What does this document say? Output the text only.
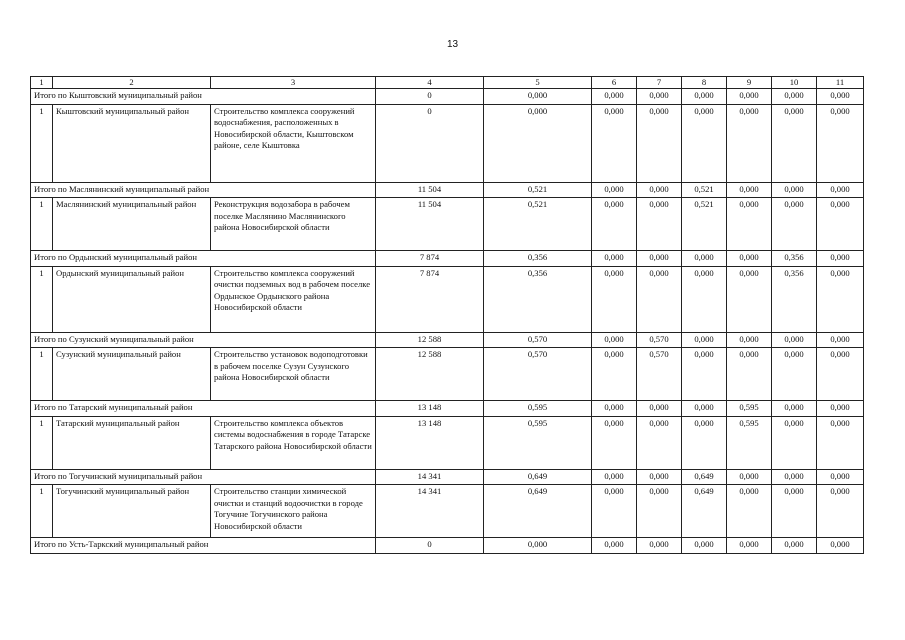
13
1	2	3	4	5	6	7	8	9	10	11
Итого по Кыштовский муниципальный район			0	0,000	0,000	0,000	0,000	0,000	0,000	0,000
1	Кыштовский муниципальный район	Строительство комплекса сооружений водоснабжения, расположенных в Новосибирской области, Кыштовском районе, селе Кыштовка	0	0,000	0,000	0,000	0,000	0,000	0,000	0,000
Итого по Маслянинский муниципальный район			11 504	0,521	0,000	0,000	0,521	0,000	0,000	0,000
1	Маслянинский муниципальный район	Реконструкция водозабора в рабочем поселке Маслянино Маслянинского района Новосибирской области	11 504	0,521	0,000	0,000	0,521	0,000	0,000	0,000
Итого по Ордынский муниципальный район			7 874	0,356	0,000	0,000	0,000	0,000	0,356	0,000
1	Ордынский муниципальный район	Строительство комплекса сооружений очистки подземных вод в рабочем поселке Ордынское Ордынского района Новосибирской области	7 874	0,356	0,000	0,000	0,000	0,000	0,356	0,000
Итого по Сузунский муниципальный район			12 588	0,570	0,000	0,570	0,000	0,000	0,000	0,000
1	Сузунский муниципальный район	Строительство установок водоподготовки в рабочем поселке Сузун Сузунского района Новосибирской области	12 588	0,570	0,000	0,570	0,000	0,000	0,000	0,000
Итого по Татарский муниципальный район			13 148	0,595	0,000	0,000	0,000	0,595	0,000	0,000
1	Татарский муниципальный район	Строительство комплекса объектов системы водоснабжения в городе Татарске Татарского района Новосибирской области	13 148	0,595	0,000	0,000	0,000	0,595	0,000	0,000
Итого по Тогучинский муниципальный район			14 341	0,649	0,000	0,000	0,649	0,000	0,000	0,000
1	Тогучинский муниципальный район	Строительство станции химической очистки и станций водоочистки в городе Тогучине Тогучинского района Новосибирской области	14 341	0,649	0,000	0,000	0,649	0,000	0,000	0,000
Итого по Усть-Таркский муниципальный район			0	0,000	0,000	0,000	0,000	0,000	0,000	0,000
